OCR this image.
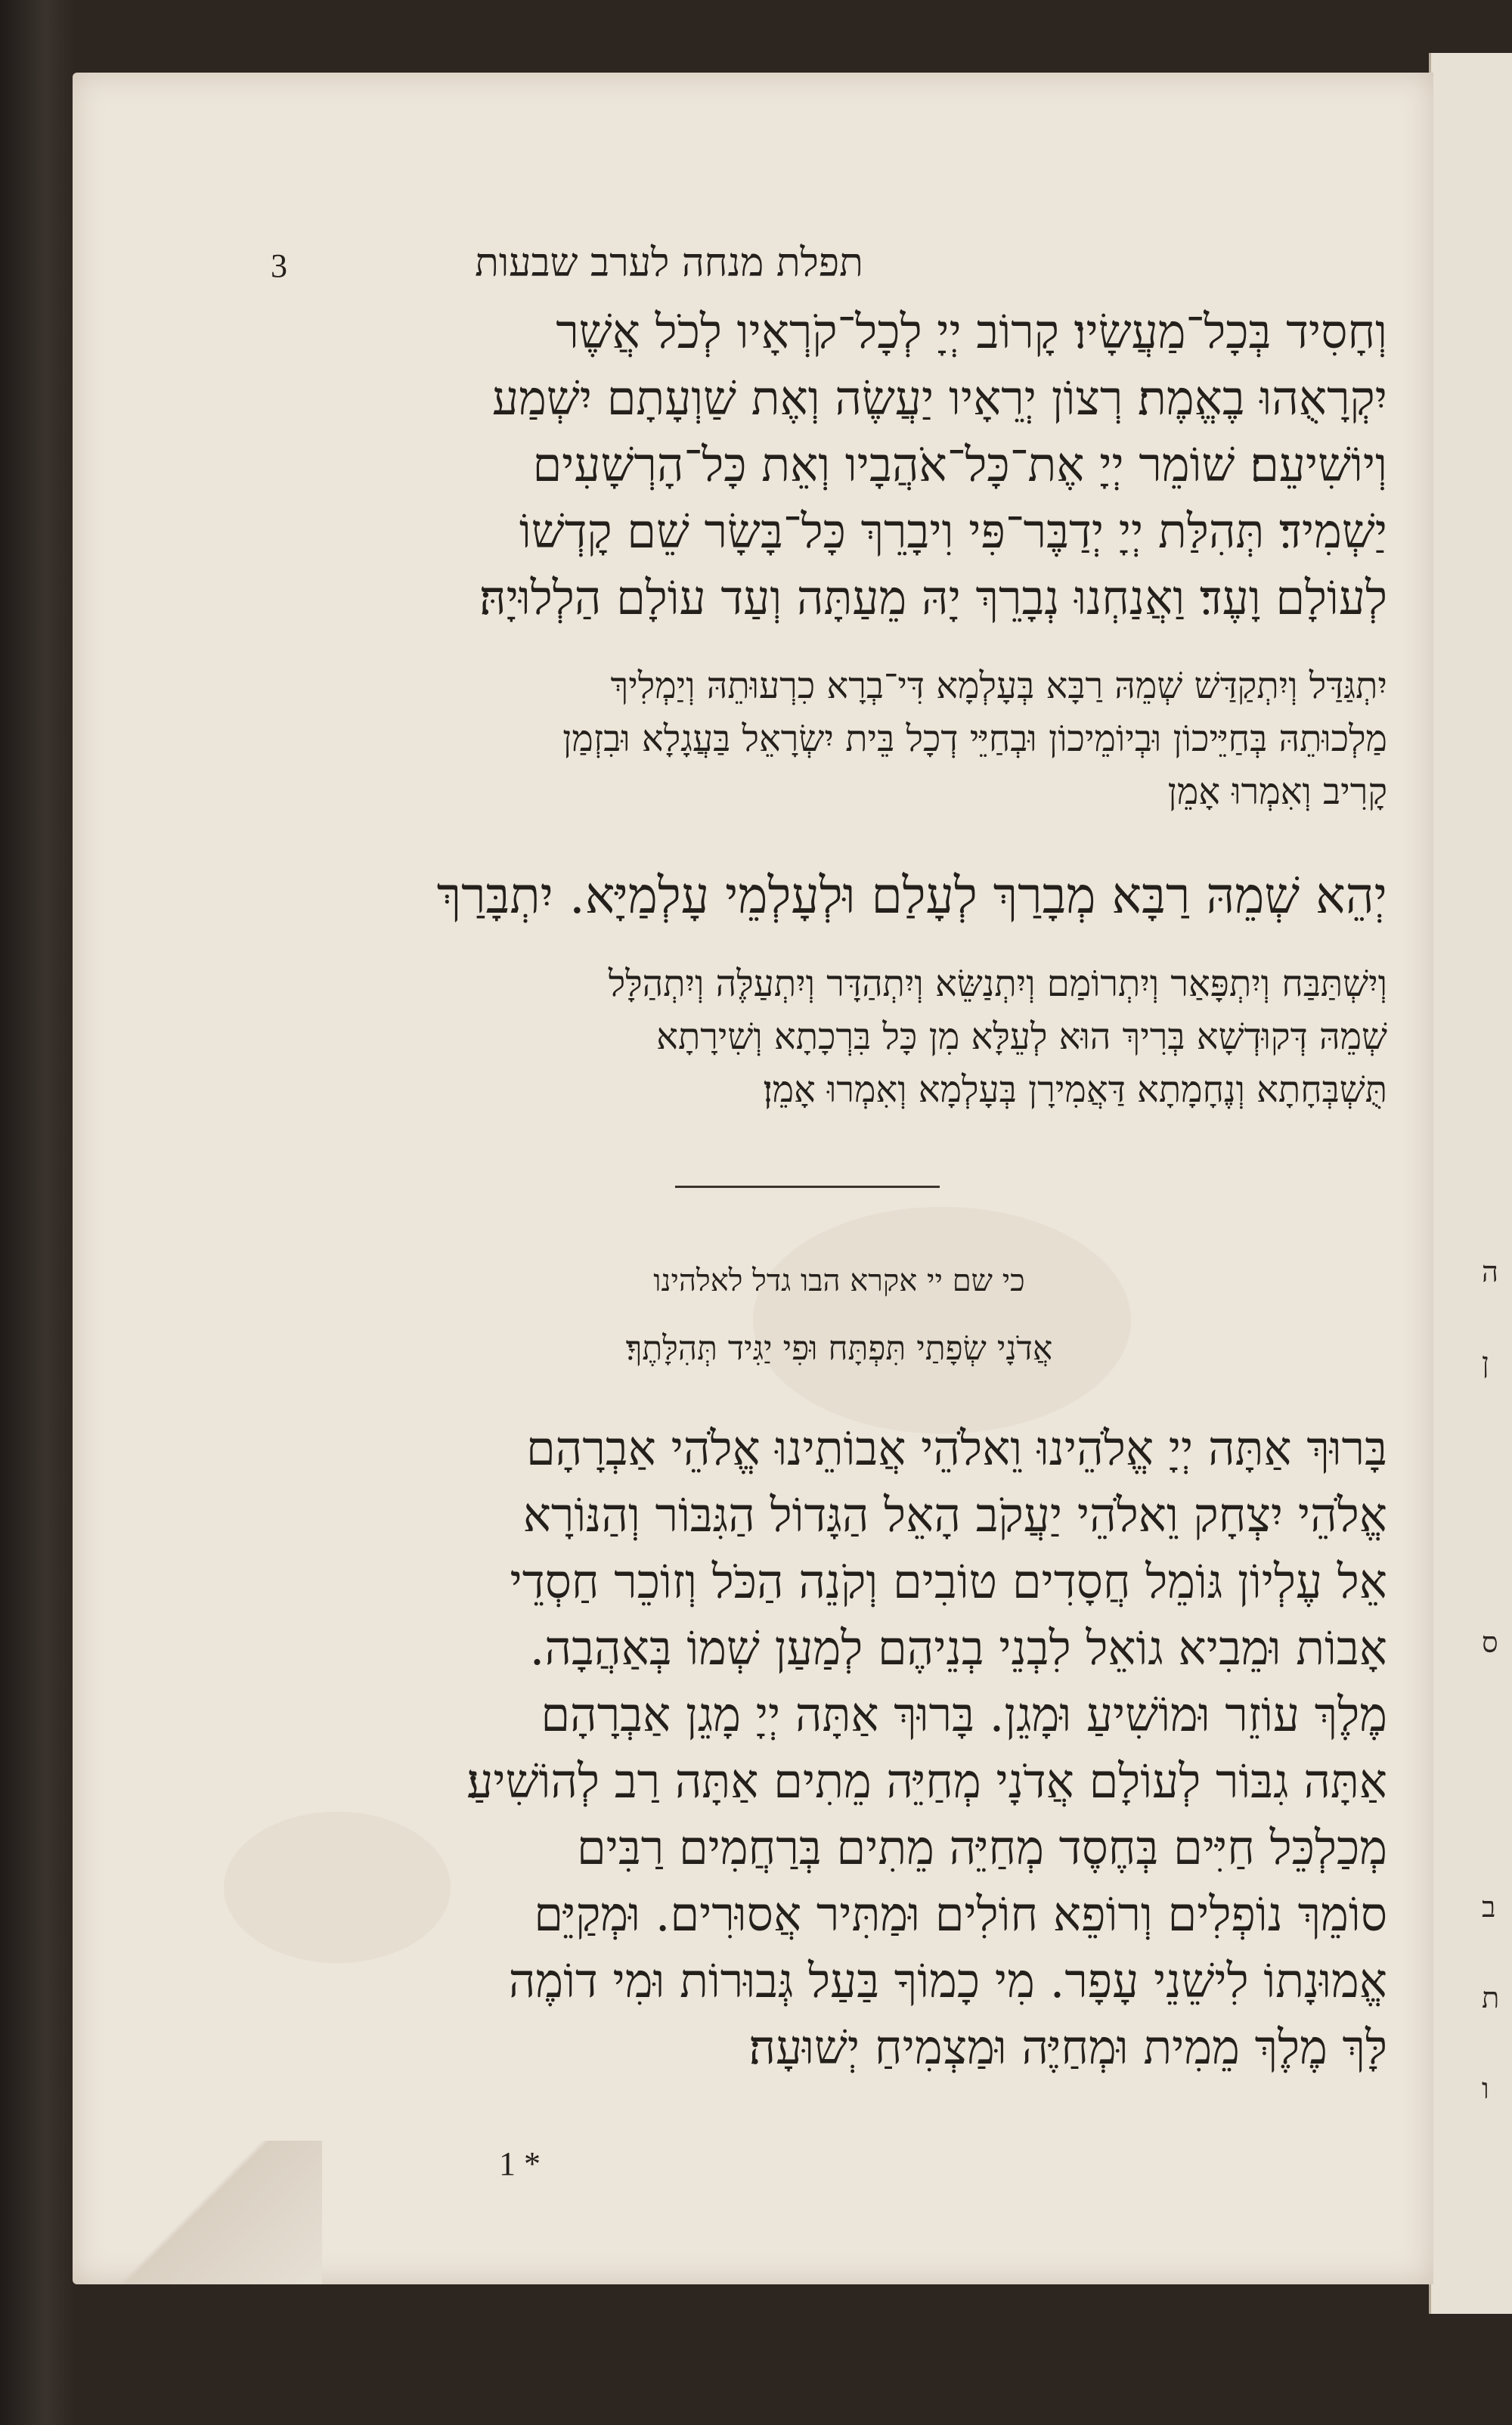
ה
ן
ס
ב
ת
ו

3	תפלת מנחה לערב שבעות

וְחָסִיד בְּכָל־מַעֲשָׂיו׃ קָרוֹב יְיָ לְכָל־קֹרְאָיו לְכֹל אֲשֶׁר

יִקְרָאֻהוּ בֶאֱמֶת׃ רְצוֹן יְרֵאָיו יַעֲשֶׂה וְאֶת שַׁוְעָתָם יִשְׁמַע

וְיוֹשִׁיעֵם׃ שׁוֹמֵר יְיָ אֶת־כָּל־אֹהֲבָיו וְאֵת כָּל־הָרְשָׁעִים

יַשְׁמִיד׃ תְּהִלַּת יְיָ יְדַבֶּר־פִּי וִיבָרֵךְ כָּל־בָּשָׂר שֵׁם קָדְשׁוֹ

לְעוֹלָם וָעֶד׃ וַאֲנַחְנוּ נְבָרֵךְ יָהּ מֵעַתָּה וְעַד עוֹלָם הַלְלוּיָהּ׃

יִתְגַּדַּל וְיִתְקַדַּשׁ שְׁמֵהּ רַבָּא בְּעָלְמָא דִּי־בְרָא כִרְעוּתֵהּ וְיַמְלִיךְ

מַלְכוּתֵהּ בְּחַיֵּיכוֹן וּבְיוֹמֵיכוֹן וּבְחַיֵּי דְכָל בֵּית יִשְׂרָאֵל בַּעֲגָלָא וּבִזְמַן

קָרִיב וְאִמְרוּ אָמֵן

יְהֵא שְׁמֵהּ רַבָּא מְבָרַךְ לְעָלַם וּלְעָלְמֵי עָלְמַיָּא. יִתְבָּרַךְ

וְיִשְׁתַּבַּח וְיִתְפָּאַר וְיִתְרוֹמַם וְיִתְנַשֵּׂא וְיִתְהַדָּר וְיִתְעַלֶּה וְיִתְהַלָּל

שְׁמֵהּ דְּקוּדְשָׁא בְּרִיךְ הוּא לְעֵלָּא מִן כָּל בִּרְכָתָא וְשִׁירָתָא

תֻּשְׁבְּחָתָא וְנֶחָמָתָא דַּאֲמִירָן בְּעָלְמָא וְאִמְרוּ אָמֵן׃

כי שם יי אקרא הבו גדל לאלהינו

אֲדֹנָי שְׂפָתַי תִּפְתָּח וּפִי יַגִּיד תְּהִלָּתֶךָ׃

בָּרוּךְ אַתָּה יְיָ אֱלֹהֵינוּ וֵאלֹהֵי אֲבוֹתֵינוּ אֱלֹהֵי אַבְרָהָם

אֱלֹהֵי יִצְחָק וֵאלֹהֵי יַעֲקֹב הָאֵל הַגָּדוֹל הַגִּבּוֹר וְהַנּוֹרָא

אֵל עֶלְיוֹן גּוֹמֵל חֲסָדִים טוֹבִים וְקֹנֵה הַכֹּל וְזוֹכֵר חַסְדֵי

אָבוֹת וּמֵבִיא גוֹאֵל לִבְנֵי בְנֵיהֶם לְמַעַן שְׁמוֹ בְּאַהֲבָה.

מֶלֶךְ עוֹזֵר וּמוֹשִׁיעַ וּמָגֵן. בָּרוּךְ אַתָּה יְיָ מָגֵן אַבְרָהָם

אַתָּה גִבּוֹר לְעוֹלָם אֲדֹנָי מְחַיֵּה מֵתִים אַתָּה רַב לְהוֹשִׁיעַ׃

מְכַלְכֵּל חַיִּים בְּחֶסֶד מְחַיֵּה מֵתִים בְּרַחֲמִים רַבִּים

סוֹמֵךְ נוֹפְלִים וְרוֹפֵא חוֹלִים וּמַתִּיר אֲסוּרִים. וּמְקַיֵּם

אֱמוּנָתוֹ לִישֵׁנֵי עָפָר. מִי כָמוֹךָ בַּעַל גְּבוּרוֹת וּמִי דוֹמֶה

לָּךְ מֶלֶךְ מֵמִית וּמְחַיֶּה וּמַצְמִיחַ יְשׁוּעָה׃

1 *
